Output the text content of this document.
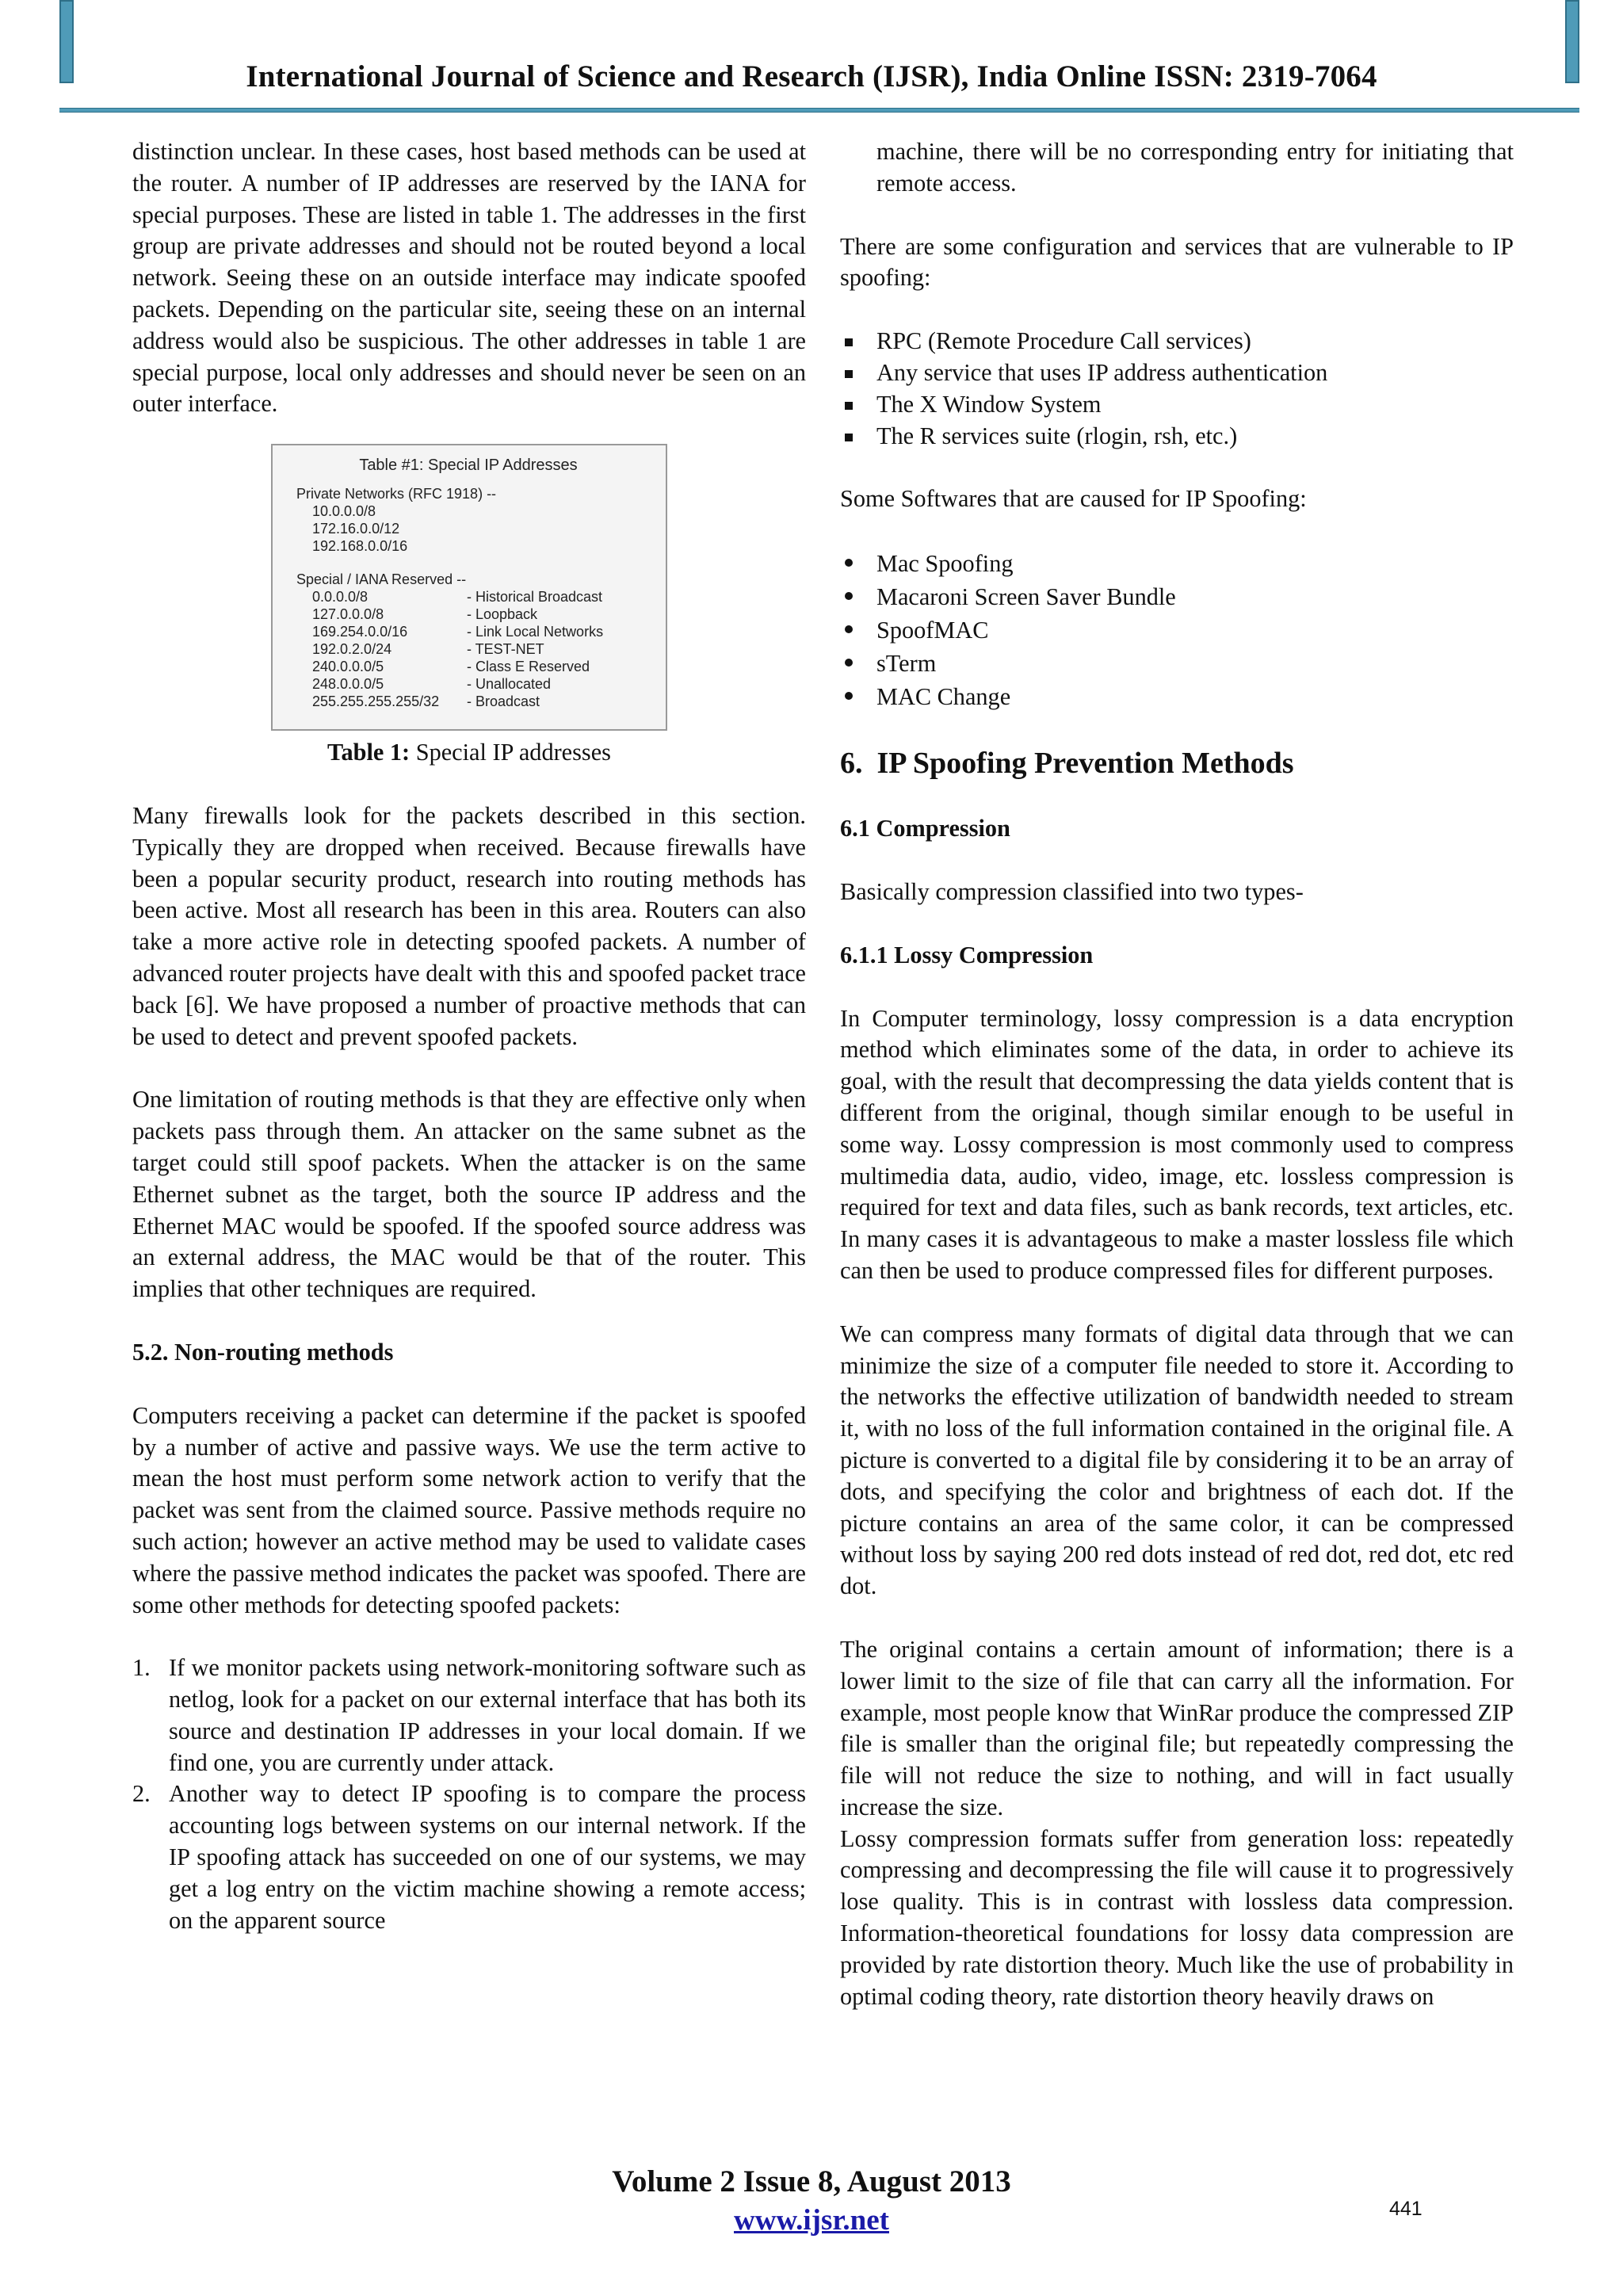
International Journal of Science and Research (IJSR), India Online ISSN: 2319-7064

distinction unclear. In these cases, host based methods can be used at the router. A number of IP addresses are reserved by the IANA for special purposes. These are listed in table 1. The addresses in the first group are private addresses and should not be routed beyond a local network. Seeing these on an outside interface may indicate spoofed packets. Depending on the particular site, seeing these on an internal address would also be suspicious. The other addresses in table 1 are special purpose, local only addresses and should never be seen on an outer interface.

Table #1: Special IP Addresses
Private Networks (RFC 1918) --
10.0.0.0/8
172.16.0.0/12
192.168.0.0/16
Special / IANA Reserved --
0.0.0.0/8	- Historical Broadcast
127.0.0.0/8	- Loopback
169.254.0.0/16	- Link Local Networks
192.0.2.0/24	- TEST-NET
240.0.0.0/5	- Class E Reserved
248.0.0.0/5	- Unallocated
255.255.255.255/32	- Broadcast
Table 1: Special IP addresses

Many firewalls look for the packets described in this section. Typically they are dropped when received. Because firewalls have been a popular security product, research into routing methods has been active. Most all research has been in this area. Routers can also take a more active role in detecting spoofed packets. A number of advanced router projects have dealt with this and spoofed packet trace back [6]. We have proposed a number of proactive methods that can be used to detect and prevent spoofed packets.

One limitation of routing methods is that they are effective only when packets pass through them. An attacker on the same subnet as the target could still spoof packets. When the attacker is on the same Ethernet subnet as the target, both the source IP address and the Ethernet MAC would be spoofed. If the spoofed source address was an external address, the MAC would be that of the router. This implies that other techniques are required.

5.2. Non-routing methods

Computers receiving a packet can determine if the packet is spoofed by a number of active and passive ways. We use the term active to mean the host must perform some network action to verify that the packet was sent from the claimed source. Passive methods require no such action; however an active method may be used to validate cases where the passive method indicates the packet was spoofed. There are some other methods for detecting spoofed packets:

1. If we monitor packets using network-monitoring software such as netlog, look for a packet on our external interface that has both its source and destination IP addresses in your local domain. If we find one, you are currently under attack.
2. Another way to detect IP spoofing is to compare the process accounting logs between systems on our internal network. If the IP spoofing attack has succeeded on one of our systems, we may get a log entry on the victim machine showing a remote access; on the apparent source

machine, there will be no corresponding entry for initiating that remote access.

There are some configuration and services that are vulnerable to IP spoofing:

RPC (Remote Procedure Call services)
Any service that uses IP address authentication
The X Window System
The R services suite (rlogin, rsh, etc.)

Some Softwares that are caused for IP Spoofing:

Mac Spoofing
Macaroni Screen Saver Bundle
SpoofMAC
sTerm
MAC Change
6. IP Spoofing Prevention Methods
6.1 Compression

Basically compression classified into two types-

6.1.1 Lossy Compression

In Computer terminology, lossy compression is a data encryption method which eliminates some of the data, in order to achieve its goal, with the result that decompressing the data yields content that is different from the original, though similar enough to be useful in some way. Lossy compression is most commonly used to compress multimedia data, audio, video, image, etc. lossless compression is required for text and data files, such as bank records, text articles, etc. In many cases it is advantageous to make a master lossless file which can then be used to produce compressed files for different purposes.

We can compress many formats of digital data through that we can minimize the size of a computer file needed to store it. According to the networks the effective utilization of bandwidth needed to stream it, with no loss of the full information contained in the original file. A picture is converted to a digital file by considering it to be an array of dots, and specifying the color and brightness of each dot. If the picture contains an area of the same color, it can be compressed without loss by saying 200 red dots instead of red dot, red dot, etc red dot.

The original contains a certain amount of information; there is a lower limit to the size of file that can carry all the information. For example, most people know that WinRar produce the compressed ZIP file is smaller than the original file; but repeatedly compressing the file will not reduce the size to nothing, and will in fact usually increase the size.

Lossy compression formats suffer from generation loss: repeatedly compressing and decompressing the file will cause it to progressively lose quality. This is in contrast with lossless data compression. Information-theoretical foundations for lossy data compression are provided by rate distortion theory. Much like the use of probability in optimal coding theory, rate distortion theory heavily draws on

Volume 2 Issue 8, August 2013
www.ijsr.net	441
